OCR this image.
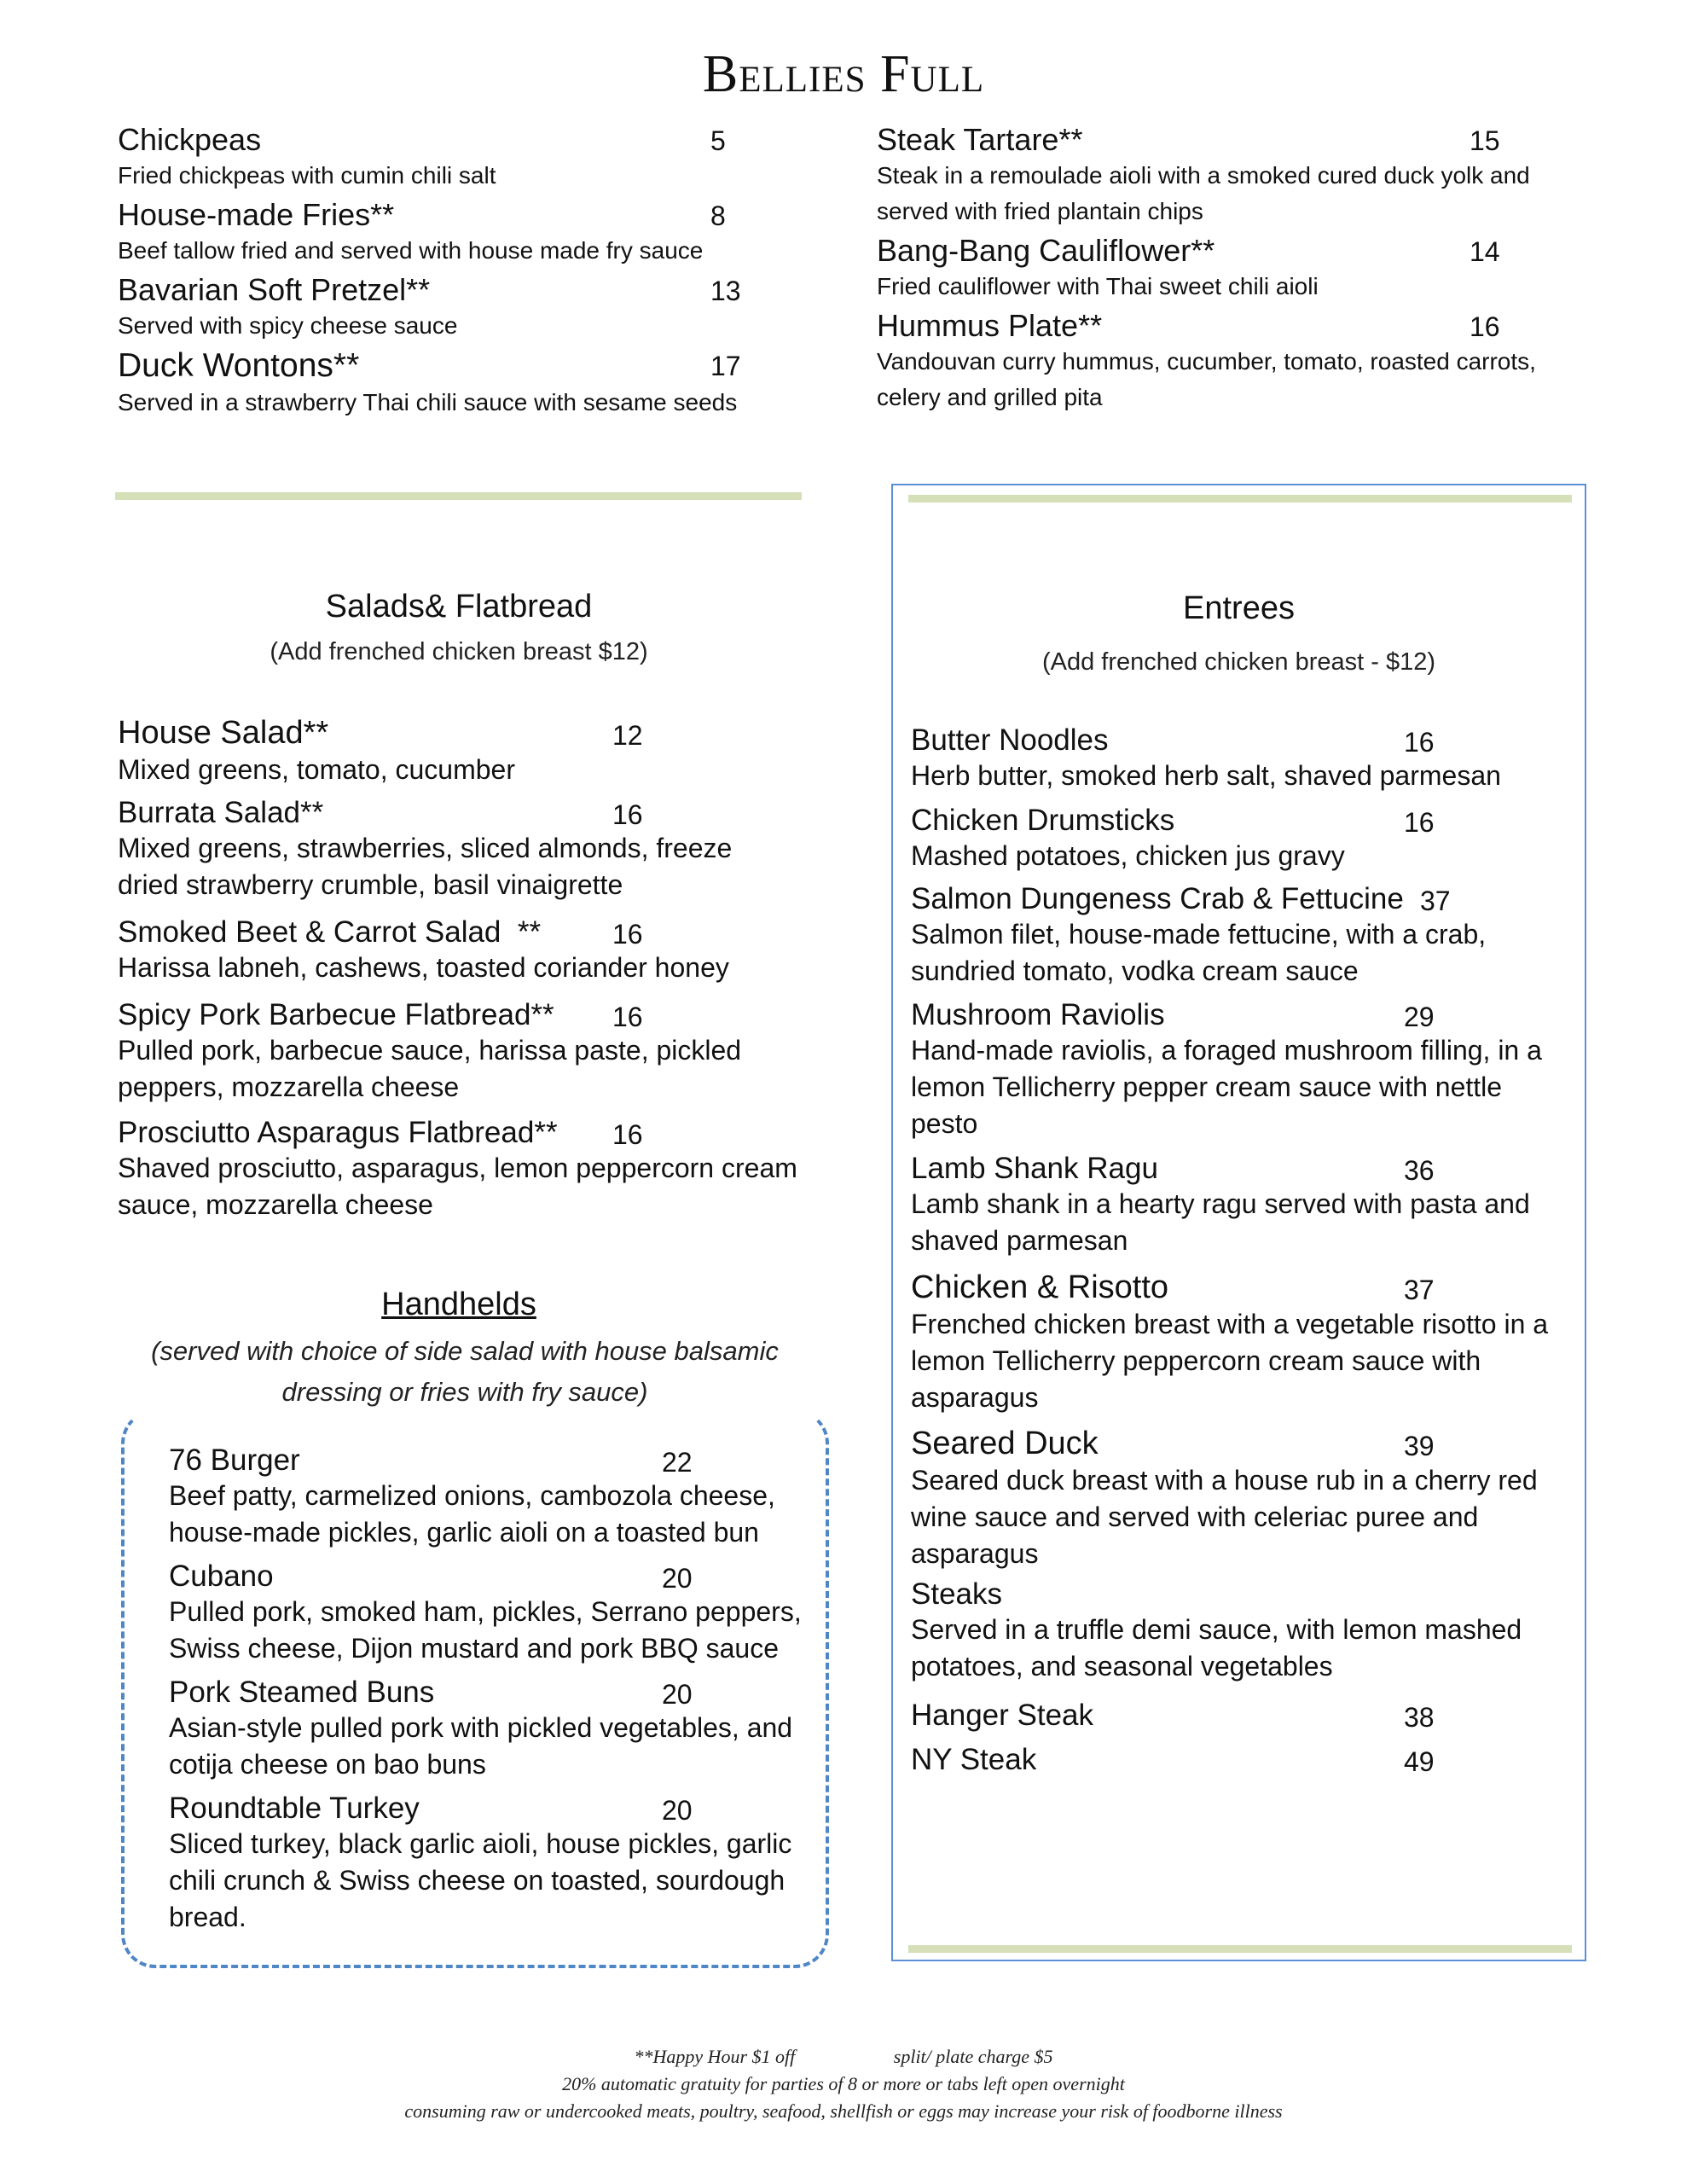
Bellies Full
Chickpeas	5
Fried chickpeas with cumin chili salt
House-made Fries**	8
Beef tallow fried and served with house made fry sauce
Bavarian Soft Pretzel**	13
Served with spicy cheese sauce
Duck Wontons**	17
Served in a strawberry Thai chili sauce with sesame seeds
Steak Tartare**	15
Steak in a remoulade aioli with a smoked cured duck yolk and served with fried plantain chips
Bang-Bang Cauliflower**	14
Fried cauliflower with Thai sweet chili aioli
Hummus Plate**	16
Vandouvan curry hummus, cucumber, tomato, roasted carrots, celery and grilled pita
Salads& Flatbread
(Add frenched chicken breast $12)
House Salad**	12
Mixed greens, tomato, cucumber
Burrata Salad**	16
Mixed greens, strawberries, sliced almonds, freeze dried strawberry crumble, basil vinaigrette
Smoked Beet & Carrot Salad  **	16
Harissa labneh, cashews, toasted coriander honey
Spicy Pork Barbecue Flatbread**	16
Pulled pork, barbecue sauce, harissa paste, pickled peppers, mozzarella cheese
Prosciutto Asparagus Flatbread**	16
Shaved prosciutto, asparagus, lemon peppercorn cream sauce, mozzarella cheese
Handhelds
(served with choice of side salad with house balsamic dressing or fries with fry sauce)
76 Burger	22
Beef patty, carmelized onions, cambozola cheese, house-made pickles, garlic aioli on a toasted bun
Cubano	20
Pulled pork, smoked ham, pickles, Serrano peppers, Swiss cheese, Dijon mustard and pork BBQ sauce
Pork Steamed Buns	20
Asian-style pulled pork with pickled vegetables, and cotija cheese on bao buns
Roundtable Turkey	20
Sliced turkey, black garlic aioli, house pickles, garlic chili crunch & Swiss cheese on toasted, sourdough bread.
Entrees
(Add frenched chicken breast - $12)
Butter Noodles	16
Herb butter, smoked herb salt, shaved parmesan
Chicken Drumsticks	16
Mashed potatoes, chicken jus gravy
Salmon Dungeness Crab & Fettucine 37
Salmon filet, house-made fettucine, with a crab, sundried tomato, vodka cream sauce
Mushroom Raviolis	29
Hand-made raviolis, a foraged mushroom filling, in a lemon Tellicherry pepper cream sauce with nettle pesto
Lamb Shank Ragu	36
Lamb shank in a hearty ragu served with pasta and shaved parmesan
Chicken & Risotto	37
Frenched chicken breast with a vegetable risotto in a lemon Tellicherry peppercorn cream sauce with asparagus
Seared Duck	39
Seared duck breast with a house rub in a cherry red wine sauce and served with celeriac puree and asparagus
Steaks
Served in a truffle demi sauce, with lemon mashed potatoes, and seasonal vegetables
Hanger Steak	38
NY Steak	49
**Happy Hour $1 off	split/ plate charge $5
20% automatic gratuity for parties of 8 or more or tabs left open overnight
consuming raw or undercooked meats, poultry, seafood, shellfish or eggs may increase your risk of foodborne illness
